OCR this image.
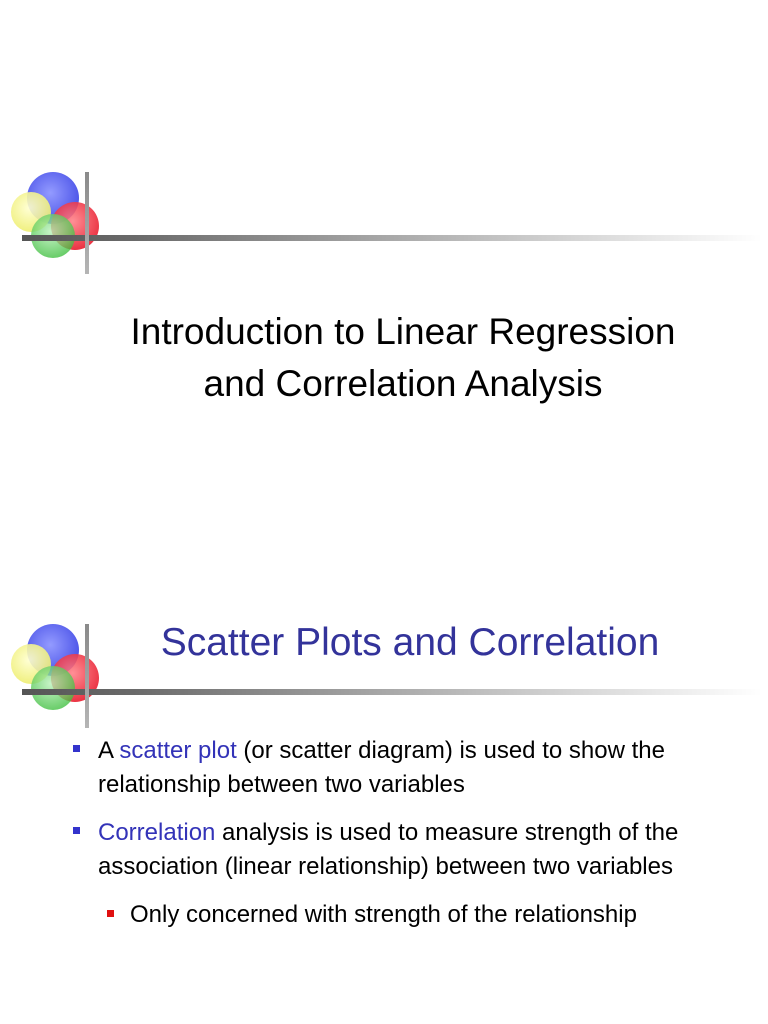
Introduction to Linear Regression
and Correlation Analysis
Scatter Plots and Correlation
A scatter plot (or scatter diagram) is used to show the relationship between two variables
Correlation analysis is used to measure strength of the association (linear relationship) between two variables
Only concerned with strength of the relationship
